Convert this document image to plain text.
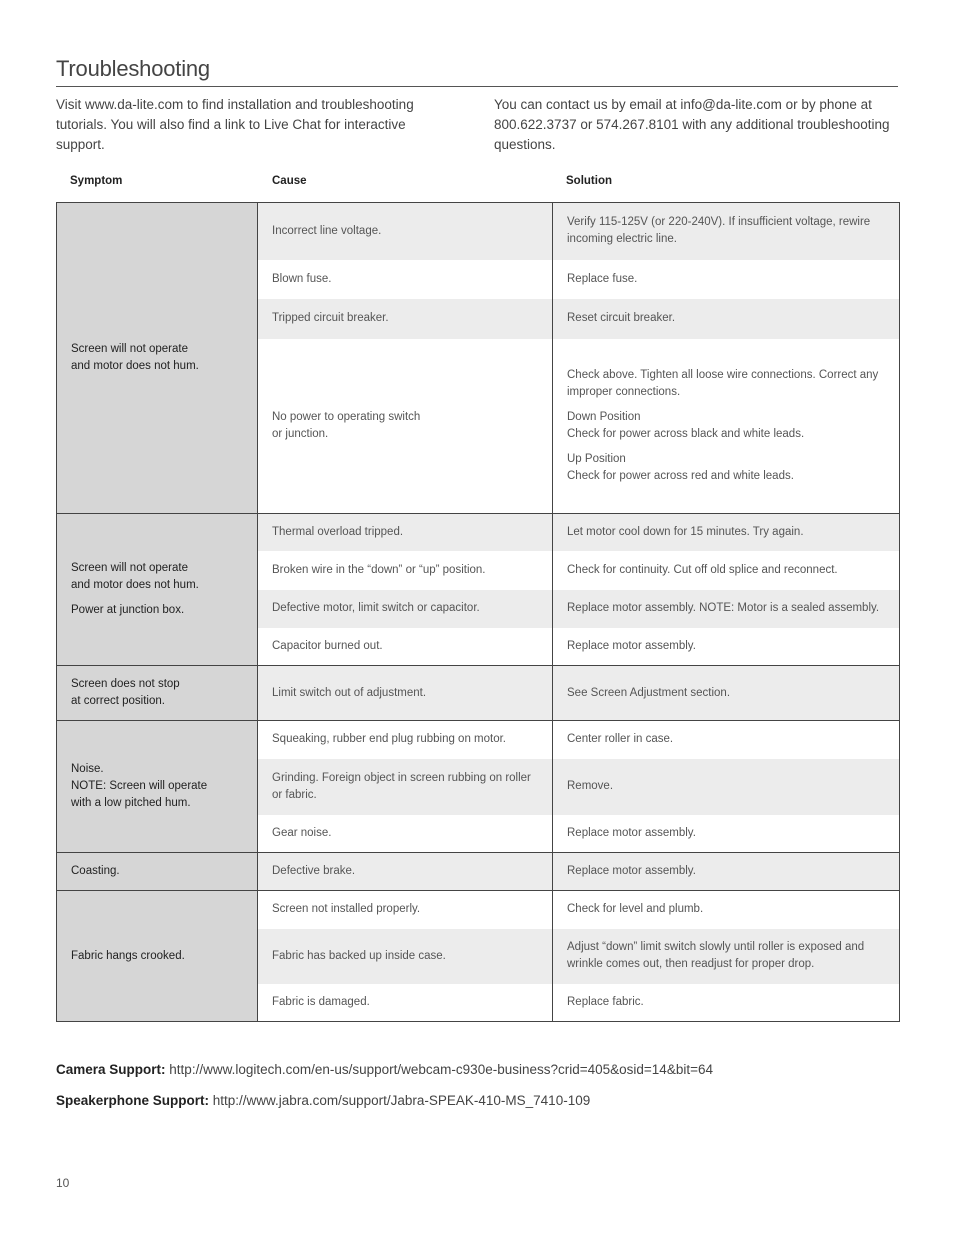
Troubleshooting
Visit www.da-lite.com to find installation and troubleshooting tutorials. You will also find a link to Live Chat for interactive support.
You can contact us by email at info@da-lite.com or by phone at 800.622.3737 or 574.267.8101 with any additional troubleshooting questions.
Symptom	Cause	Solution
Screen will not operate
and motor does not hum.	Incorrect line voltage.	Verify 115-125V (or 220-240V). If insufficient voltage, rewire incoming electric line.

	Blown fuse.	Replace fuse.

	Tripped circuit breaker.	Reset circuit breaker.

	No power to operating switch
or junction.	Check above. Tighten all loose wire connections. Correct any improper connections.
Down Position
Check for power across black and white leads.
Up Position
Check for power across red and white leads.

Screen will not operate
and motor does not hum.
Power at junction box.	Thermal overload tripped.	Let motor cool down for 15 minutes. Try again.

	Broken wire in the “down” or “up” position.	Check for continuity. Cut off old splice and reconnect.

	Defective motor, limit switch or capacitor.	Replace motor assembly. NOTE: Motor is a sealed assembly.

	Capacitor burned out.	Replace motor assembly.

Screen does not stop
at correct position.	Limit switch out of adjustment.	See Screen Adjustment section.

Noise.
NOTE: Screen will operate
with a low pitched hum.	Squeaking, rubber end plug rubbing on motor.	Center roller in case.

	Grinding. Foreign object in screen rubbing on roller or fabric.	Remove.

	Gear noise.	Replace motor assembly.

Coasting.	Defective brake.	Replace motor assembly.

Fabric hangs crooked.	Screen not installed properly.	Check for level and plumb.

	Fabric has backed up inside case.	Adjust “down” limit switch slowly until roller is exposed and wrinkle comes out, then readjust for proper drop.

	Fabric is damaged.	Replace fabric.
Camera Support: http://www.logitech.com/en-us/support/webcam-c930e-business?crid=405&osid=14&bit=64
Speakerphone Support: http://www.jabra.com/support/Jabra-SPEAK-410-MS_7410-109
10
